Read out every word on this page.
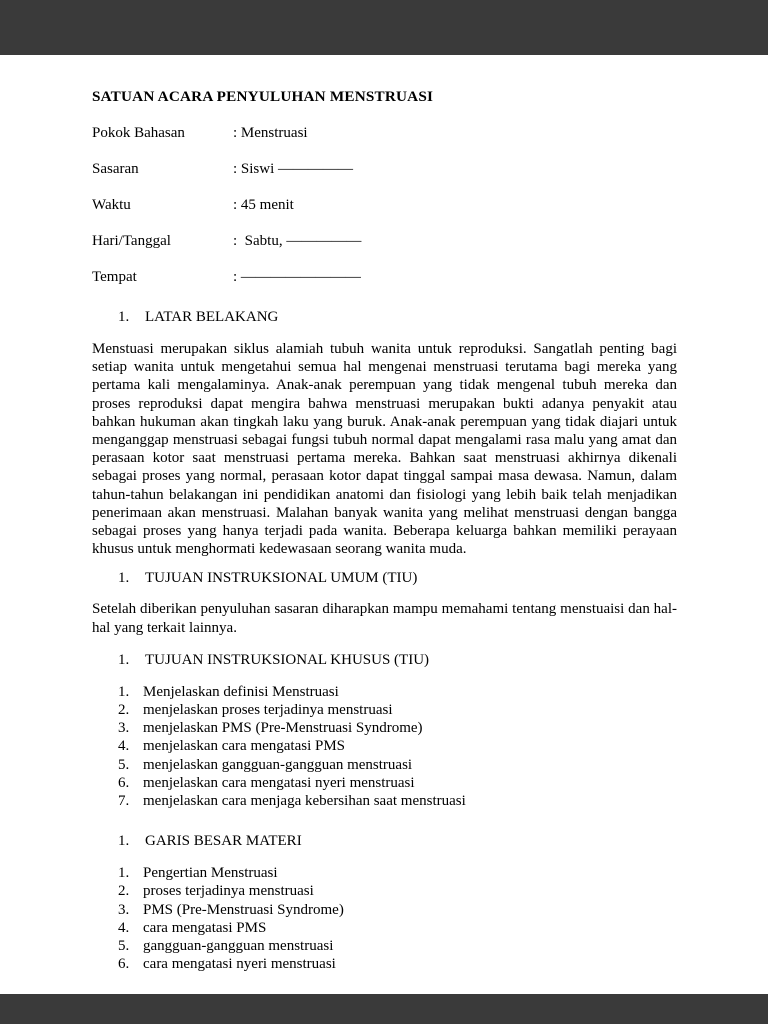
SATUAN ACARA PENYULUHAN MENSTRUASI
Pokok Bahasan	: Menstruasi
Sasaran	: Siswi —————
Waktu	: 45 menit
Hari/Tanggal	:  Sabtu, —————
Tempat	: ————————
1. LATAR BELAKANG
Menstuasi merupakan siklus alamiah tubuh wanita untuk reproduksi. Sangatlah penting bagi setiap wanita untuk mengetahui semua hal mengenai menstruasi terutama bagi mereka yang pertama kali mengalaminya. Anak-anak perempuan yang tidak mengenal tubuh mereka dan proses reproduksi dapat mengira bahwa menstruasi merupakan bukti adanya penyakit atau bahkan hukuman akan tingkah laku yang buruk. Anak-anak perempuan yang tidak diajari untuk menganggap menstruasi sebagai fungsi tubuh normal dapat mengalami rasa malu yang amat dan perasaan kotor saat menstruasi pertama mereka. Bahkan saat menstruasi akhirnya dikenali sebagai proses yang normal, perasaan kotor dapat tinggal sampai masa dewasa. Namun, dalam tahun-tahun belakangan ini pendidikan anatomi dan fisiologi yang lebih baik telah menjadikan penerimaan akan menstruasi. Malahan banyak wanita yang melihat menstruasi dengan bangga sebagai proses yang hanya terjadi pada wanita. Beberapa keluarga bahkan memiliki perayaan khusus untuk menghormati kedewasaan seorang wanita muda.
1. TUJUAN INSTRUKSIONAL UMUM (TIU)
Setelah diberikan penyuluhan sasaran diharapkan mampu memahami tentang menstuaisi dan hal-hal yang terkait lainnya.
1. TUJUAN INSTRUKSIONAL KHUSUS (TIU)
1. Menjelaskan definisi Menstruasi
2. menjelaskan proses terjadinya menstruasi
3. menjelaskan PMS (Pre-Menstruasi Syndrome)
4. menjelaskan cara mengatasi PMS
5. menjelaskan gangguan-gangguan menstruasi
6. menjelaskan cara mengatasi nyeri menstruasi
7. menjelaskan cara menjaga kebersihan saat menstruasi
1. GARIS BESAR MATERI
1. Pengertian Menstruasi
2. proses terjadinya menstruasi
3. PMS (Pre-Menstruasi Syndrome)
4. cara mengatasi PMS
5. gangguan-gangguan menstruasi
6. cara mengatasi nyeri menstruasi
